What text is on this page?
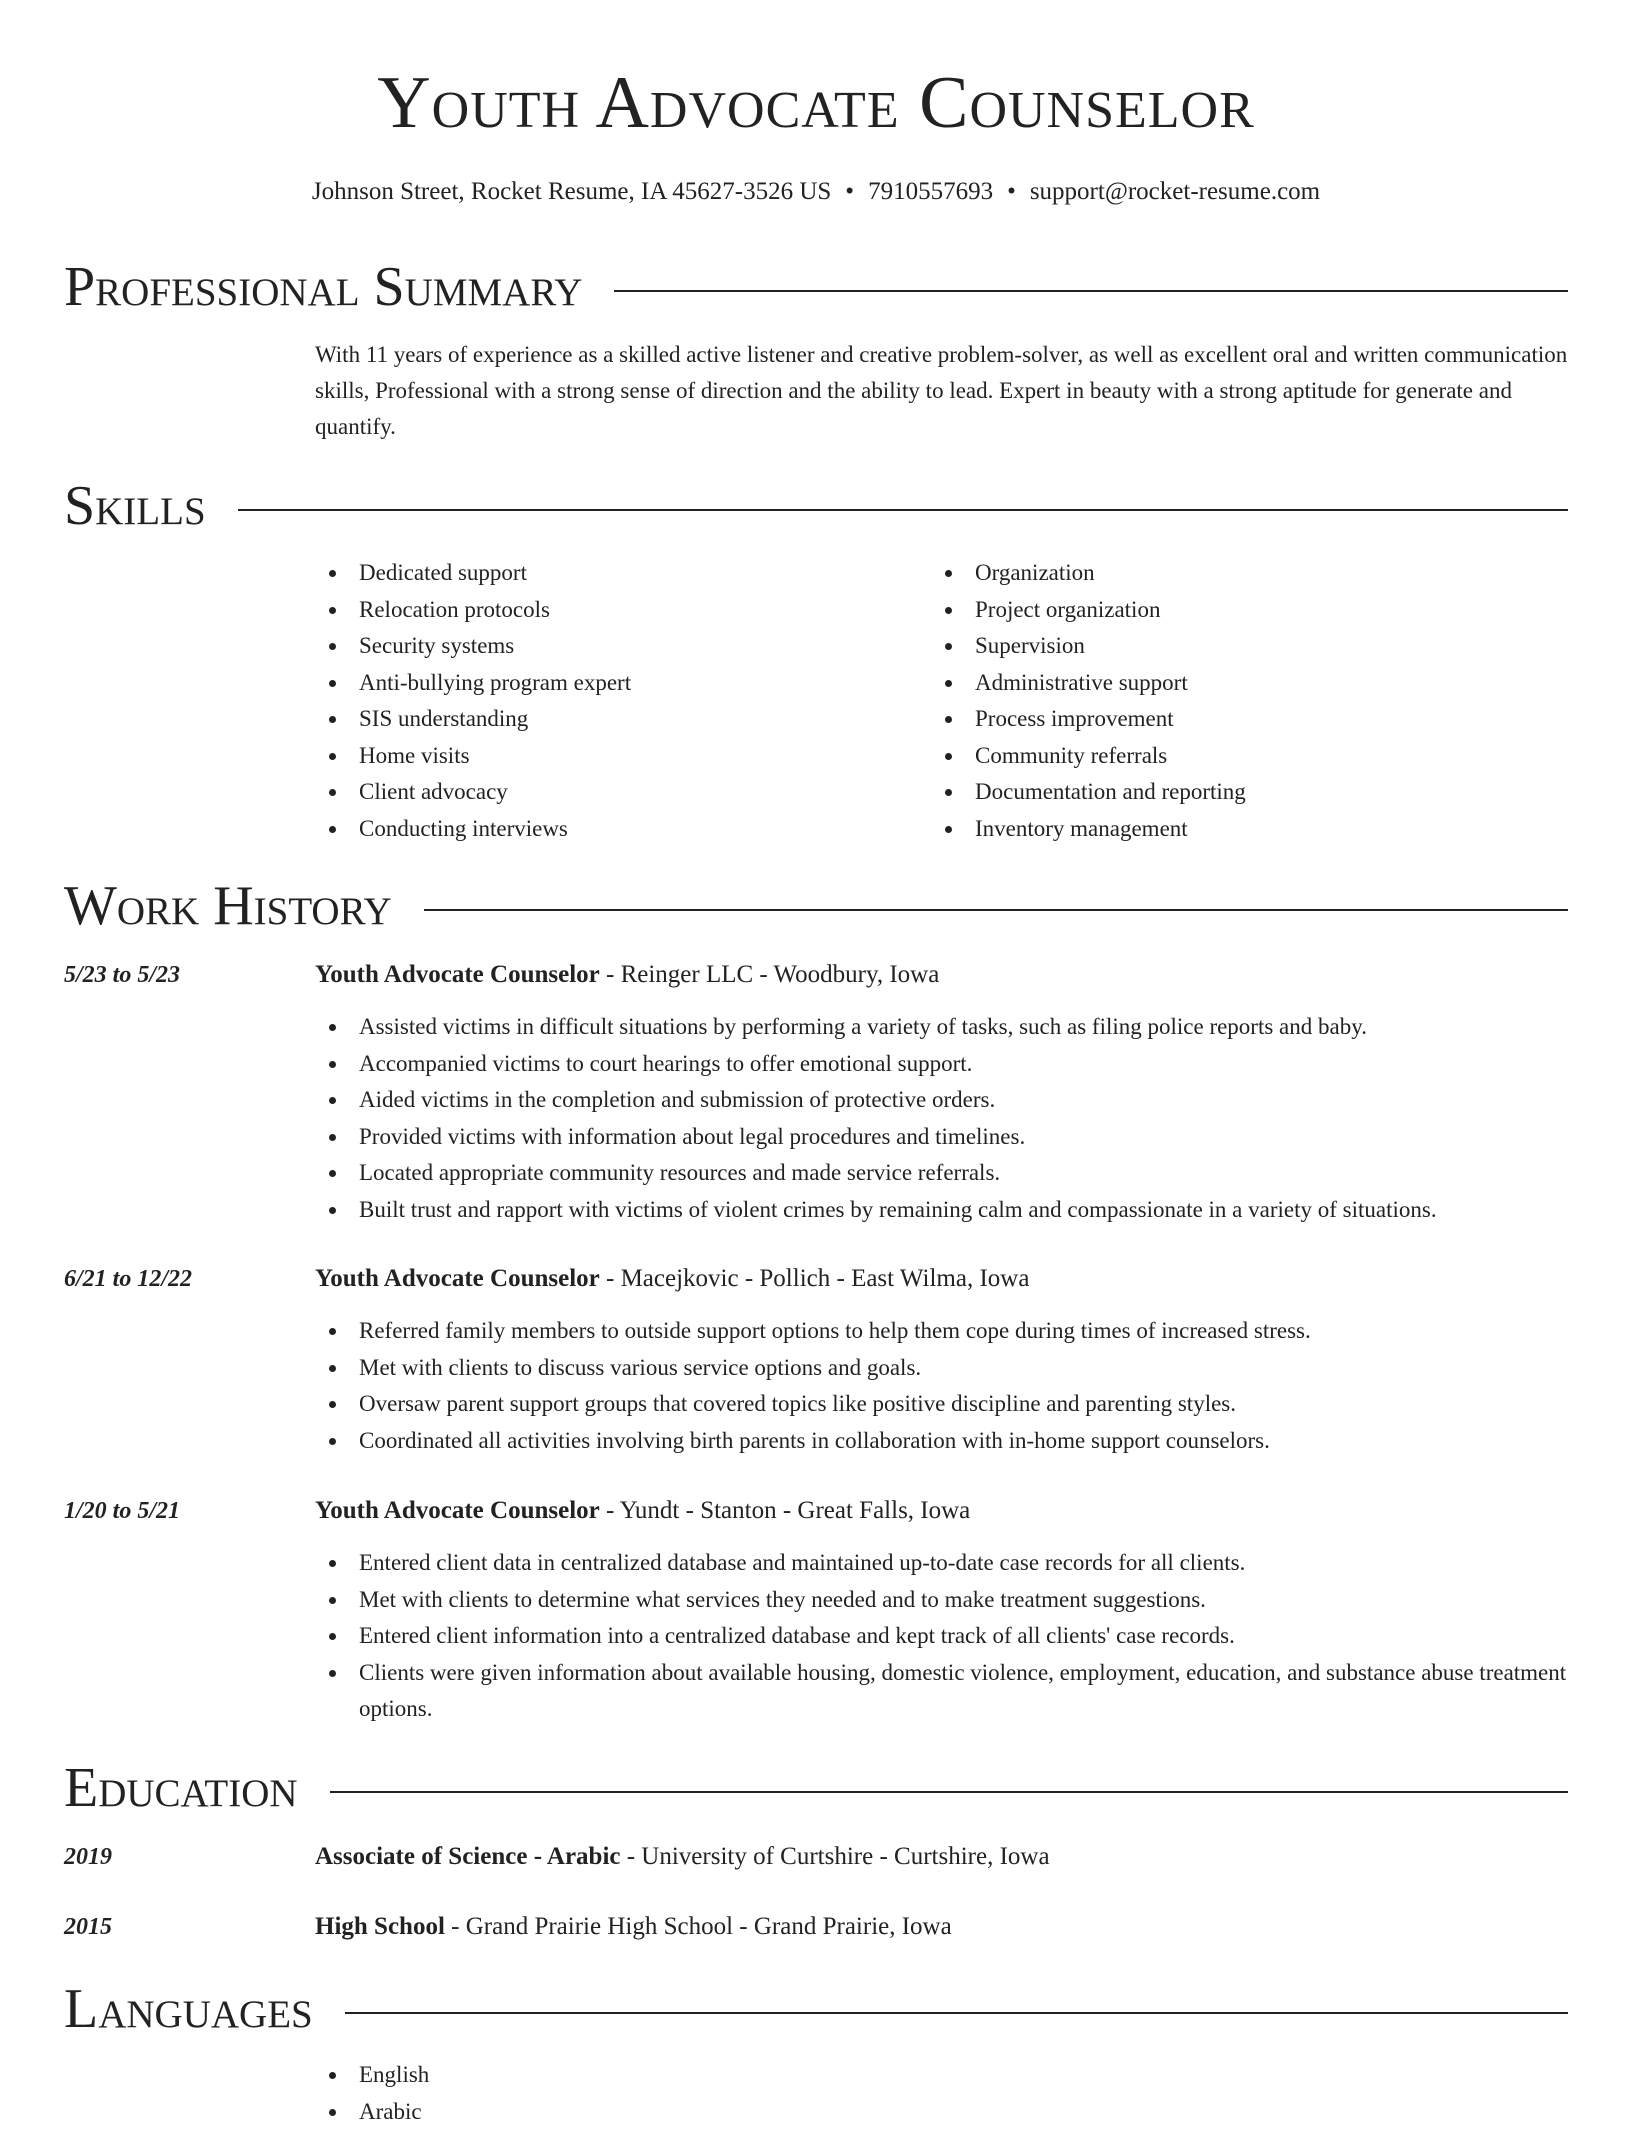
Youth Advocate Counselor
Johnson Street, Rocket Resume, IA 45627-3526 US • 7910557693 • support@rocket-resume.com
Professional Summary
With 11 years of experience as a skilled active listener and creative problem-solver, as well as excellent oral and written communication skills, Professional with a strong sense of direction and the ability to lead. Expert in beauty with a strong aptitude for generate and quantify.
Skills
Dedicated support
Relocation protocols
Security systems
Anti-bullying program expert
SIS understanding
Home visits
Client advocacy
Conducting interviews
Organization
Project organization
Supervision
Administrative support
Process improvement
Community referrals
Documentation and reporting
Inventory management
Work History
5/23 to 5/23	Youth Advocate Counselor - Reinger LLC - Woodbury, Iowa
Assisted victims in difficult situations by performing a variety of tasks, such as filing police reports and baby.
Accompanied victims to court hearings to offer emotional support.
Aided victims in the completion and submission of protective orders.
Provided victims with information about legal procedures and timelines.
Located appropriate community resources and made service referrals.
Built trust and rapport with victims of violent crimes by remaining calm and compassionate in a variety of situations.
6/21 to 12/22	Youth Advocate Counselor - Macejkovic - Pollich - East Wilma, Iowa
Referred family members to outside support options to help them cope during times of increased stress.
Met with clients to discuss various service options and goals.
Oversaw parent support groups that covered topics like positive discipline and parenting styles.
Coordinated all activities involving birth parents in collaboration with in-home support counselors.
1/20 to 5/21	Youth Advocate Counselor - Yundt - Stanton - Great Falls, Iowa
Entered client data in centralized database and maintained up-to-date case records for all clients.
Met with clients to determine what services they needed and to make treatment suggestions.
Entered client information into a centralized database and kept track of all clients' case records.
Clients were given information about available housing, domestic violence, employment, education, and substance abuse treatment options.
Education
2019	Associate of Science - Arabic - University of Curtshire - Curtshire, Iowa
2015	High School - Grand Prairie High School - Grand Prairie, Iowa
Languages
English
Arabic
